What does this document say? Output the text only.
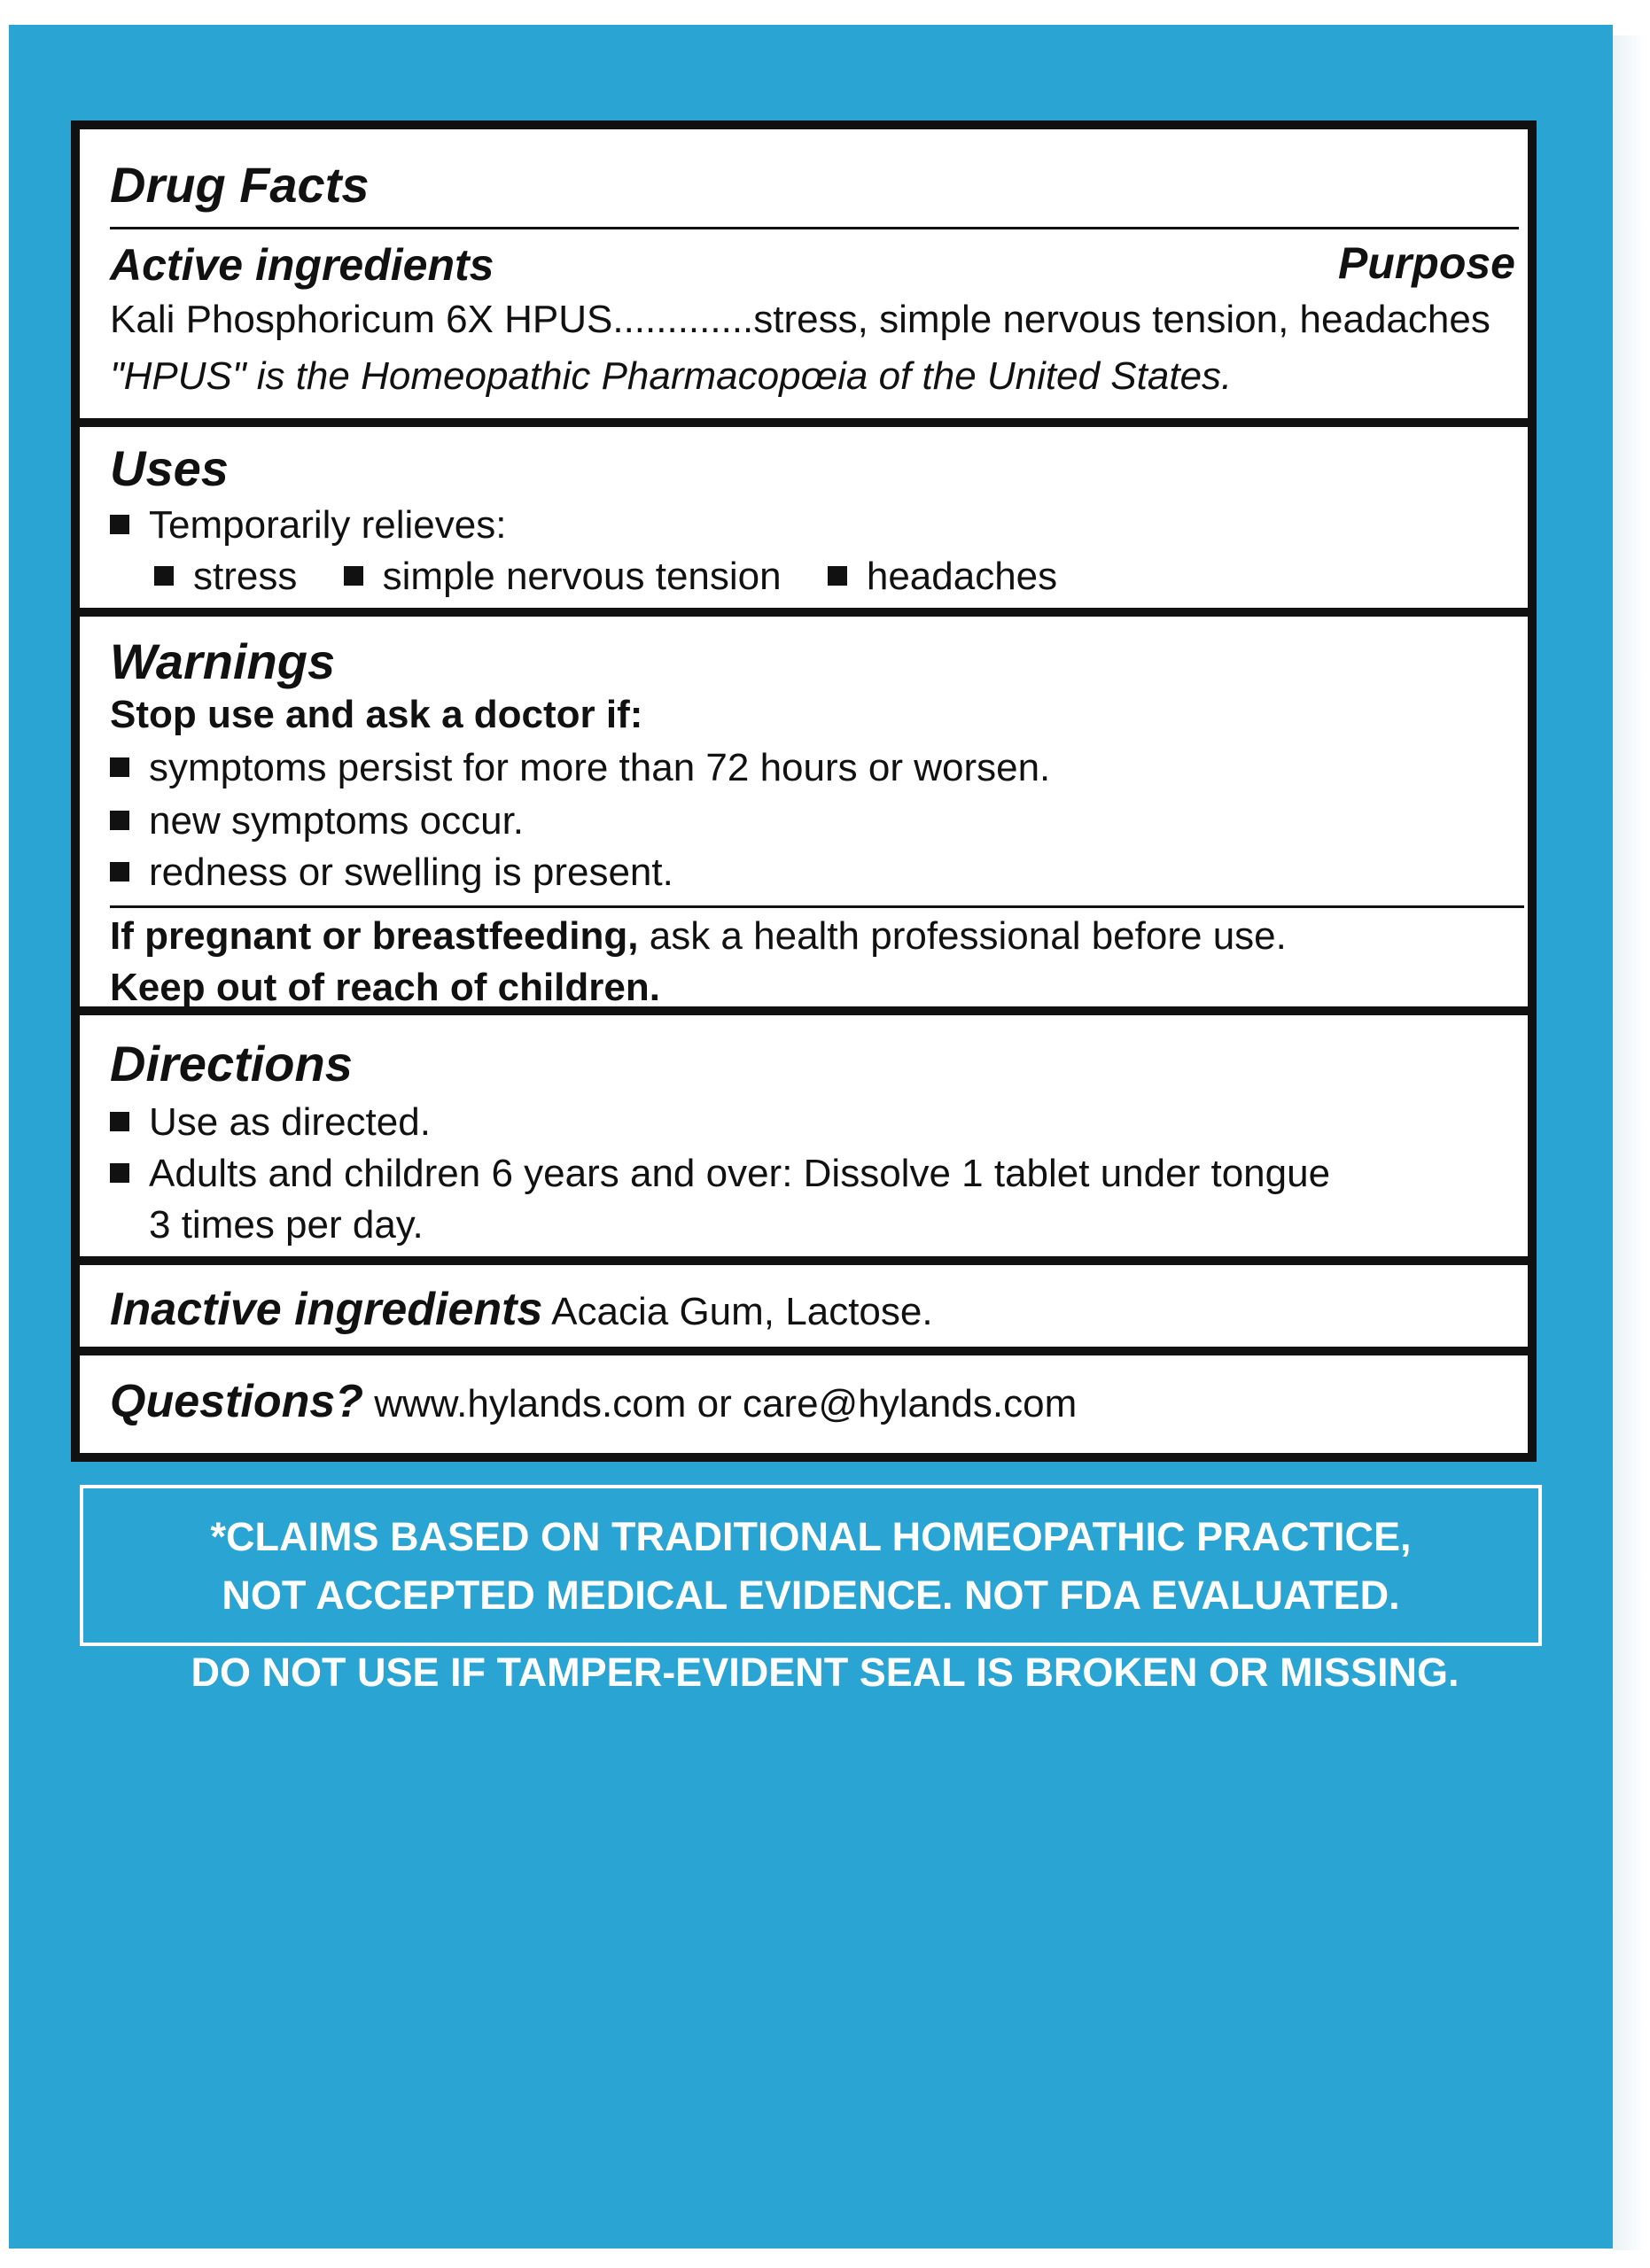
Drug Facts
Active ingredients	Purpose
Kali Phosphoricum 6X HPUS.............stress, simple nervous tension, headaches
"HPUS" is the Homeopathic Pharmacopœia of the United States.
Uses
Temporarily relieves:
stress simple nervous tension headaches
Warnings
Stop use and ask a doctor if:
symptoms persist for more than 72 hours or worsen.
new symptoms occur.
redness or swelling is present.
If pregnant or breastfeeding, ask a health professional before use.
Keep out of reach of children.
Directions
Use as directed.
Adults and children 6 years and over: Dissolve 1 tablet under tongue
3 times per day.
Inactive ingredients Acacia Gum, Lactose.
Questions? www.hylands.com or care@hylands.com
*CLAIMS BASED ON TRADITIONAL HOMEOPATHIC PRACTICE,
NOT ACCEPTED MEDICAL EVIDENCE. NOT FDA EVALUATED.
DO NOT USE IF TAMPER-EVIDENT SEAL IS BROKEN OR MISSING.
